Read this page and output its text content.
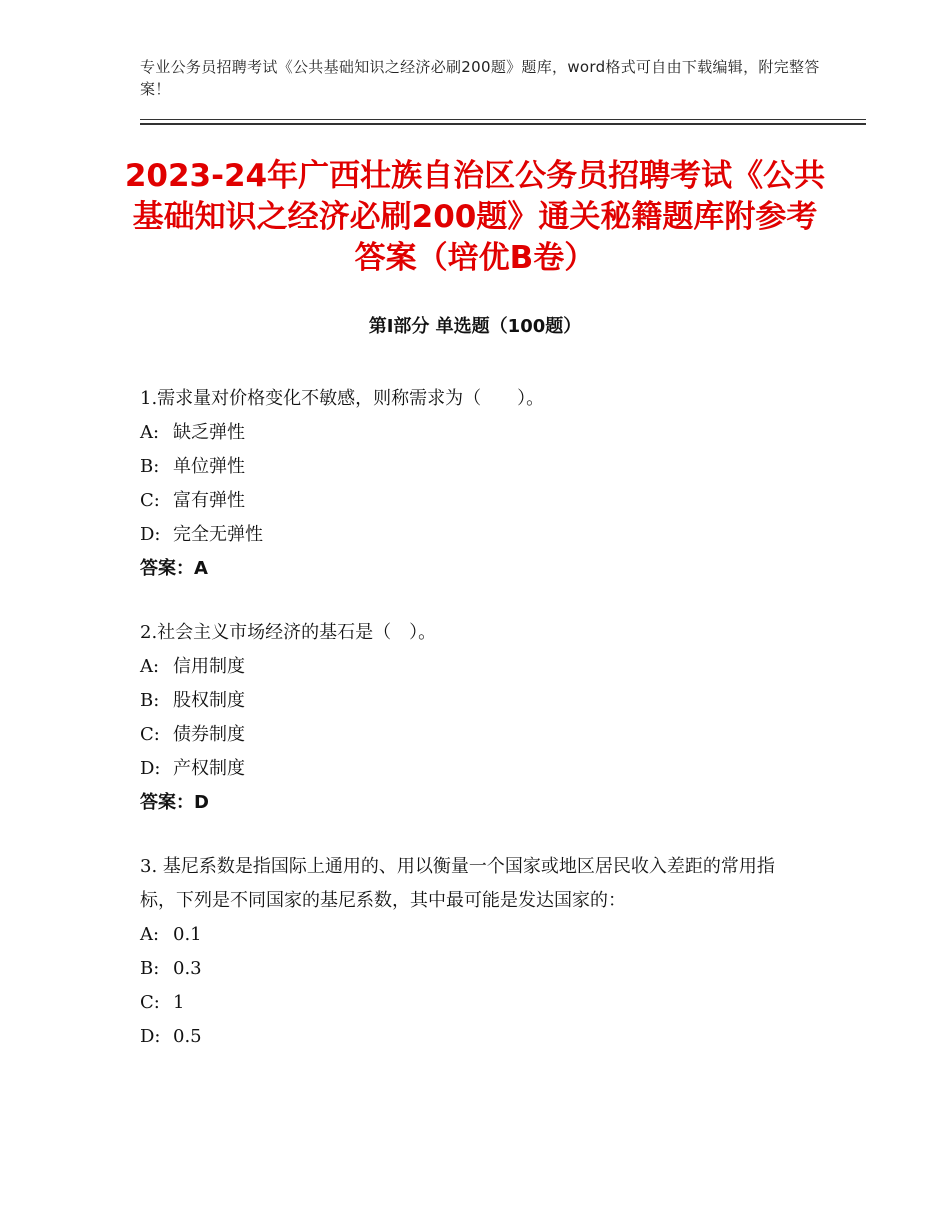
专业公务员招聘考试《公共基础知识之经济必刷200题》题库，word格式可自由下载编辑，附完整答案！
2023-24年广西壮族自治区公务员招聘考试《公共基础知识之经济必刷200题》通关秘籍题库附参考答案（培优B卷）
第Ⅰ部分 单选题（100题）

1.需求量对价格变化不敏感，则称需求为（　　）。

A: 缺乏弹性

B: 单位弹性

C: 富有弹性

D: 完全无弹性

答案：A

2.社会主义市场经济的基石是（　）。

A: 信用制度

B: 股权制度

C: 债券制度

D: 产权制度

答案：D

3. 基尼系数是指国际上通用的、用以衡量一个国家或地区居民收入差距的常用指标，下列是不同国家的基尼系数，其中最可能是发达国家的：

A: 0.1

B: 0.3

C: 1

D: 0.5
